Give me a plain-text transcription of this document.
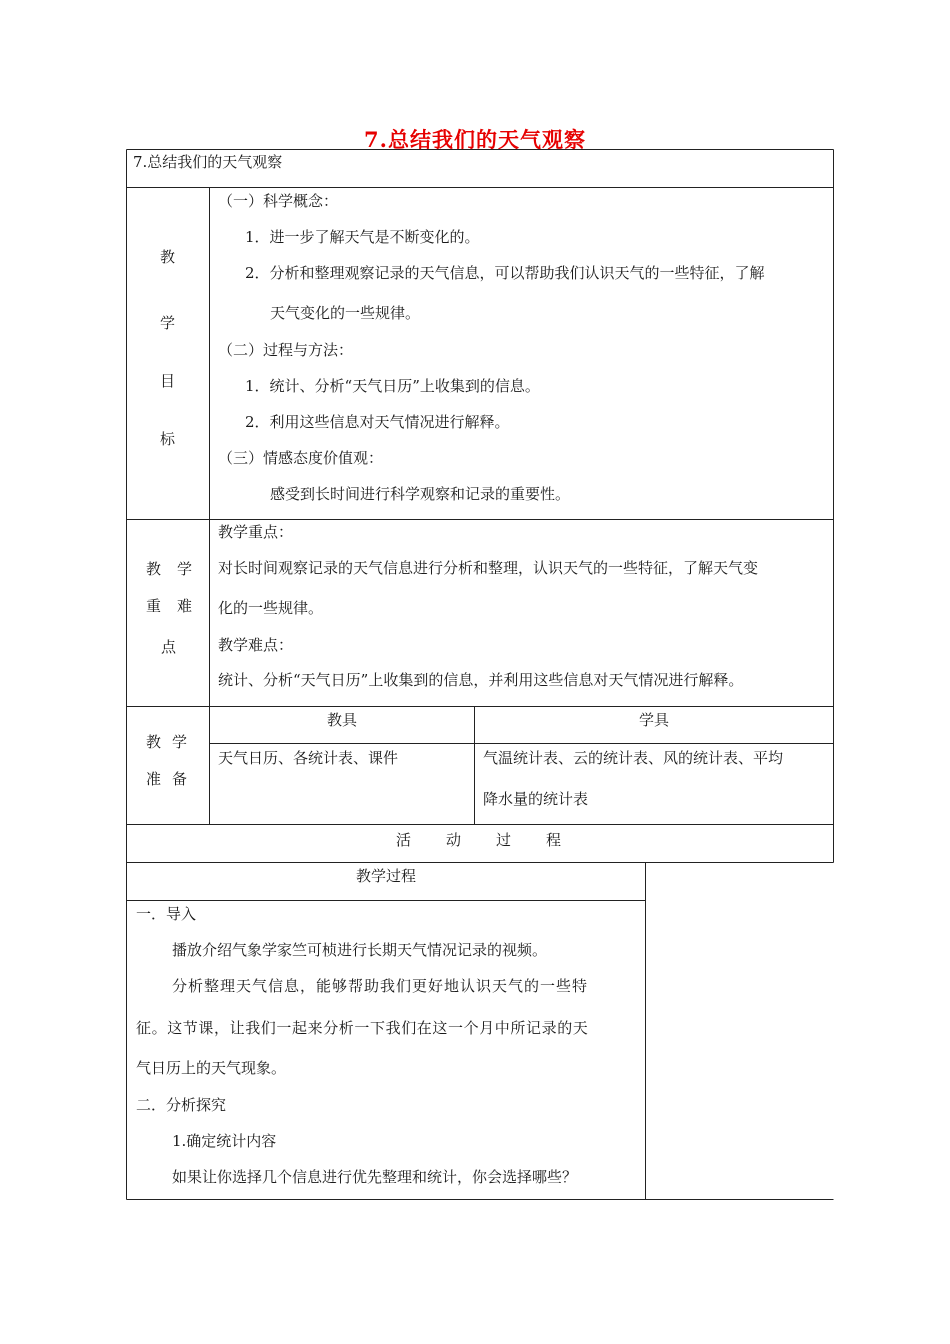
7.总结我们的天气观察
7.总结我们的天气观察
教
学
目
标
（一）科学概念：
1．进一步了解天气是不断变化的。
2．分析和整理观察记录的天气信息，可以帮助我们认识天气的一些特征，了解
天气变化的一些规律。
（二）过程与方法：
1．统计、分析“天气日历”上收集到的信息。
2．利用这些信息对天气情况进行解释。
（三）情感态度价值观：
感受到长时间进行科学观察和记录的重要性。
教 学
重 难
点
教学重点：
对长时间观察记录的天气信息进行分析和整理，认识天气的一些特征，了解天气变
化的一些规律。
教学难点：
统计、分析“天气日历”上收集到的信息，并利用这些信息对天气情况进行解释。
教 学
准 备
教具	学具
天气日历、各统计表、课件	气温统计表、云的统计表、风的统计表、平均
降水量的统计表
活 动 过 程
教学过程
一．导入
播放介绍气象学家竺可桢进行长期天气情况记录的视频。
分析整理天气信息，能够帮助我们更好地认识天气的一些特
征。这节课，让我们一起来分析一下我们在这一个月中所记录的天
气日历上的天气现象。
二．分析探究
1.确定统计内容
如果让你选择几个信息进行优先整理和统计，你会选择哪些？
